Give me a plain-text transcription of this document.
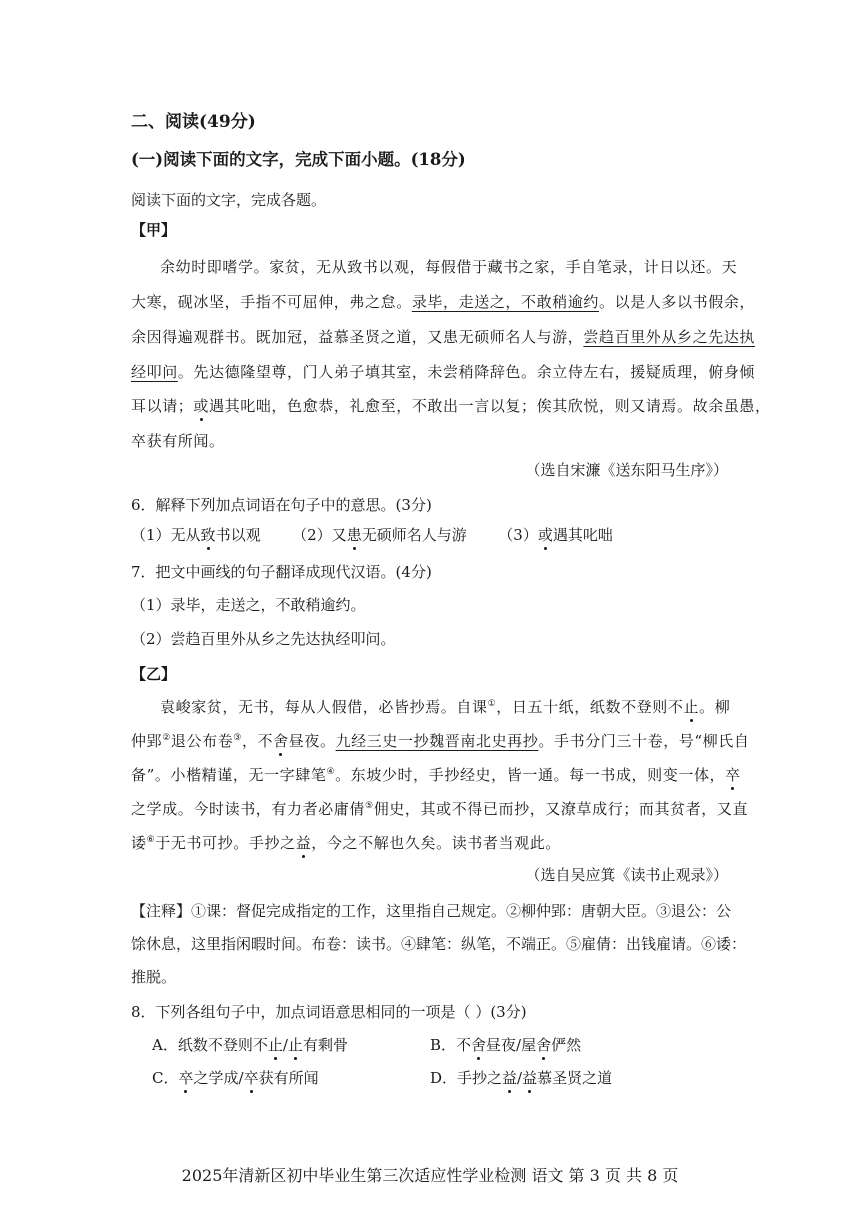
二、阅读(49分)
(一)阅读下面的文字，完成下面小题。(18分)
阅读下面的文字，完成各题。
【甲】
余幼时即嗜学。家贫，无从致书以观，每假借于藏书之家，手自笔录，计日以还。天
大寒，砚冰坚，手指不可屈伸，弗之怠。录毕，走送之，不敢稍逾约。以是人多以书假余，
余因得遍观群书。既加冠，益慕圣贤之道，又患无硕师名人与游，尝趋百里外从乡之先达执
经叩问。先达德隆望尊，门人弟子填其室，未尝稍降辞色。余立侍左右，援疑质理，俯身倾
耳以请；或遇其叱咄，色愈恭，礼愈至，不敢出一言以复；俟其欣悦，则又请焉。故余虽愚，
卒获有所闻。
（选自宋濂《送东阳马生序》）
6．解释下列加点词语在句子中的意思。(3分)
（1）无从致书以观 （2）又患无硕师名人与游 （3）或遇其叱咄
7．把文中画线的句子翻译成现代汉语。(4分)
（1）录毕，走送之，不敢稍逾约。
（2）尝趋百里外从乡之先达执经叩问。
【乙】
袁峻家贫，无书，每从人假借，必皆抄焉。自课①，日五十纸，纸数不登则不止。柳
仲郢②退公布卷③，不舍昼夜。九经三史一抄魏晋南北史再抄。手书分门三十卷，号“柳氏自
备”。小楷精谨，无一字肆笔④。东坡少时，手抄经史，皆一通。每一书成，则变一体，卒
之学成。今时读书，有力者必庸倩⑤佣史，其或不得已而抄，又潦草成行；而其贫者，又直
诿⑥于无书可抄。手抄之益，今之不解也久矣。读书者当观此。
（选自吴应箕《读书止观录》）
【注释】①课：督促完成指定的工作，这里指自己规定。②柳仲郢：唐朝大臣。③退公：公
馀休息，这里指闲暇时间。布卷：读书。④肆笔：纵笔，不端正。⑤雇倩：出钱雇请。⑥诿：
推脱。
8．下列各组句子中，加点词语意思相同的一项是（ ）(3分)
A．纸数不登则不止/止有剩骨	B．不舍昼夜/屋舍俨然
C．卒之学成/卒获有所闻	D．手抄之益/益慕圣贤之道
2025年清新区初中毕业生第三次适应性学业检测 语文 第 3 页 共 8 页
